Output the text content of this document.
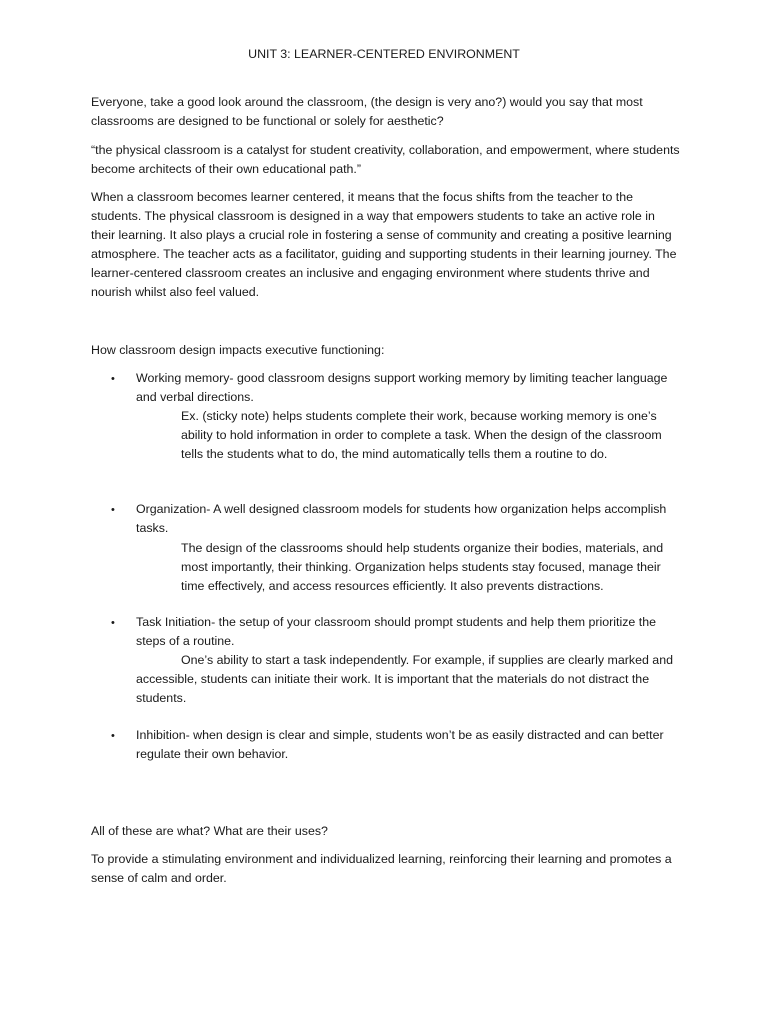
UNIT 3: LEARNER-CENTERED ENVIRONMENT

Everyone, take a good look around the classroom, (the design is very ano?) would you say that most classrooms are designed to be functional or solely for aesthetic?

“the physical classroom is a catalyst for student creativity, collaboration, and empowerment, where students become architects of their own educational path.”

When a classroom becomes learner centered, it means that the focus shifts from the teacher to the students. The physical classroom is designed in a way that empowers students to take an active role in their learning. It also plays a crucial role in fostering a sense of community and creating a positive learning atmosphere. The teacher acts as a facilitator, guiding and supporting students in their learning journey. The learner-centered classroom creates an inclusive and engaging environment where students thrive and nourish whilst also feel valued.

How classroom design impacts executive functioning:

• Working memory- good classroom designs support working memory by limiting teacher language and verbal directions.

Ex. (sticky note) helps students complete their work, because working memory is one’s ability to hold information in order to complete a task. When the design of the classroom tells the students what to do, the mind automatically tells them a routine to do.

• Organization- A well designed classroom models for students how organization helps accomplish tasks.

The design of the classrooms should help students organize their bodies, materials, and most importantly, their thinking. Organization helps students stay focused, manage their time effectively, and access resources efficiently. It also prevents distractions.

• Task Initiation- the setup of your classroom should prompt students and help them prioritize the steps of a routine.

One’s ability to start a task independently. For example, if supplies are clearly marked and accessible, students can initiate their work. It is important that the materials do not distract the students.

• Inhibition- when design is clear and simple, students won’t be as easily distracted and can better regulate their own behavior.

All of these are what? What are their uses?

To provide a stimulating environment and individualized learning, reinforcing their learning and promotes a sense of calm and order.
